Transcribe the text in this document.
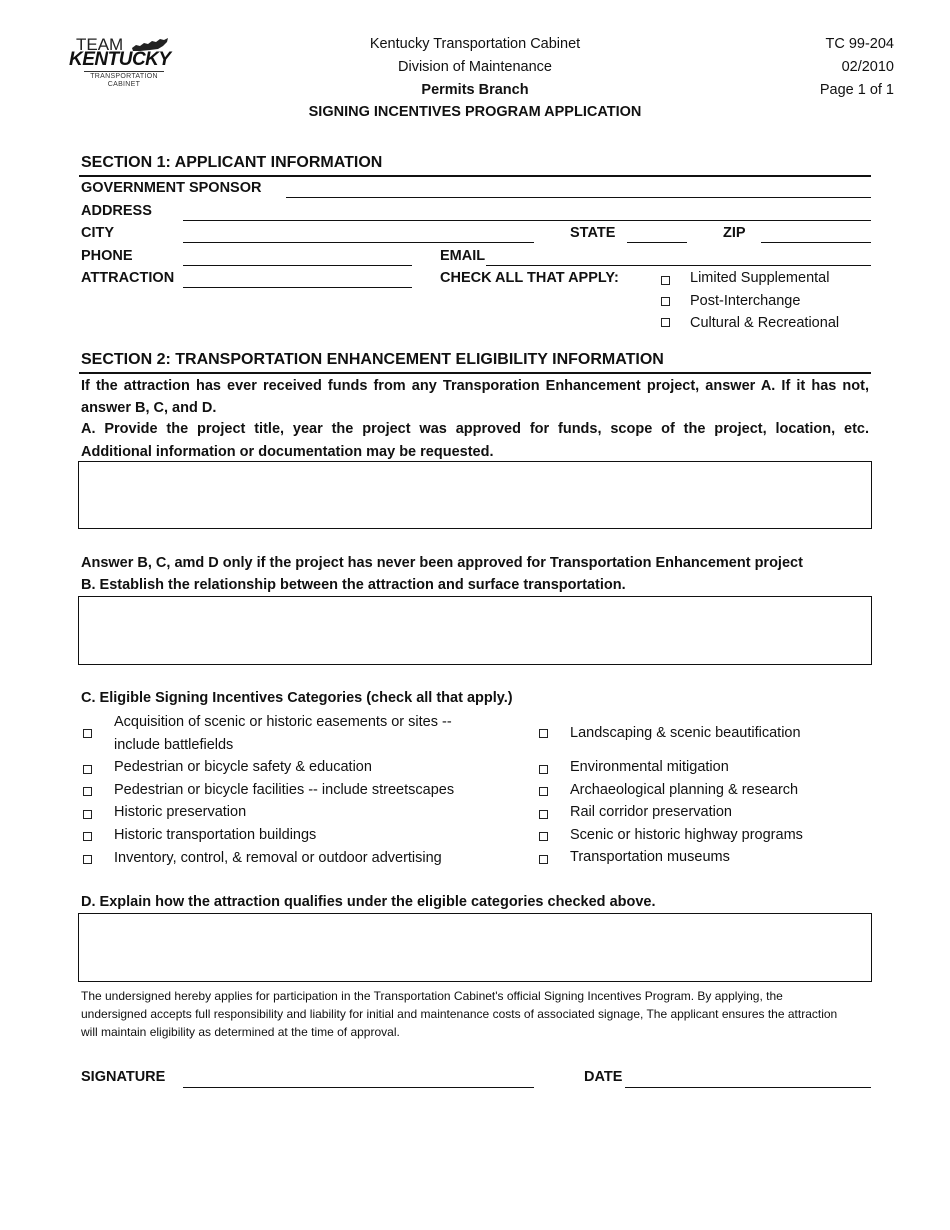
TEAM
KENTUCKY
TRANSPORTATION
CABINET
Kentucky Transportation Cabinet
Division of Maintenance
Permits Branch
SIGNING INCENTIVES PROGRAM APPLICATION
TC 99-204
02/2010
Page 1 of 1
SECTION 1: APPLICANT INFORMATION
GOVERNMENT SPONSOR
ADDRESS
CITY	STATE	ZIP
PHONE	EMAIL
ATTRACTION	CHECK ALL THAT APPLY:	Limited Supplemental
Post-Interchange
Cultural & Recreational
SECTION 2: TRANSPORTATION ENHANCEMENT ELIGIBILITY INFORMATION
If the attraction has ever received funds from any Transporation Enhancement project, answer A. If it has not,
answer B, C, and D.
A. Provide the project title, year the project was approved for funds, scope of the project, location, etc.
Additional information or documentation may be requested.
Answer B, C, amd D only if the project has never been approved for Transportation Enhancement project
B. Establish the relationship between the attraction and surface transportation.
C. Eligible Signing Incentives Categories (check all that apply.)
Acquisition of scenic or historic easements or sites --
include battlefields
Pedestrian or bicycle safety & education
Pedestrian or bicycle facilities -- include streetscapes
Historic preservation
Historic transportation buildings
Inventory, control, & removal or outdoor advertising
Landscaping & scenic beautification
Environmental mitigation
Archaeological planning & research
Rail corridor preservation
Scenic or historic highway programs
Transportation museums
D. Explain how the attraction qualifies under the eligible categories checked above.
The undersigned hereby applies for participation in the Transportation Cabinet's official Signing Incentives Program. By applying, the undersigned accepts full responsibility and liability for initial and maintenance costs of associated signage, The applicant ensures the attraction will maintain eligibility as determined at the time of approval.
SIGNATURE	DATE
